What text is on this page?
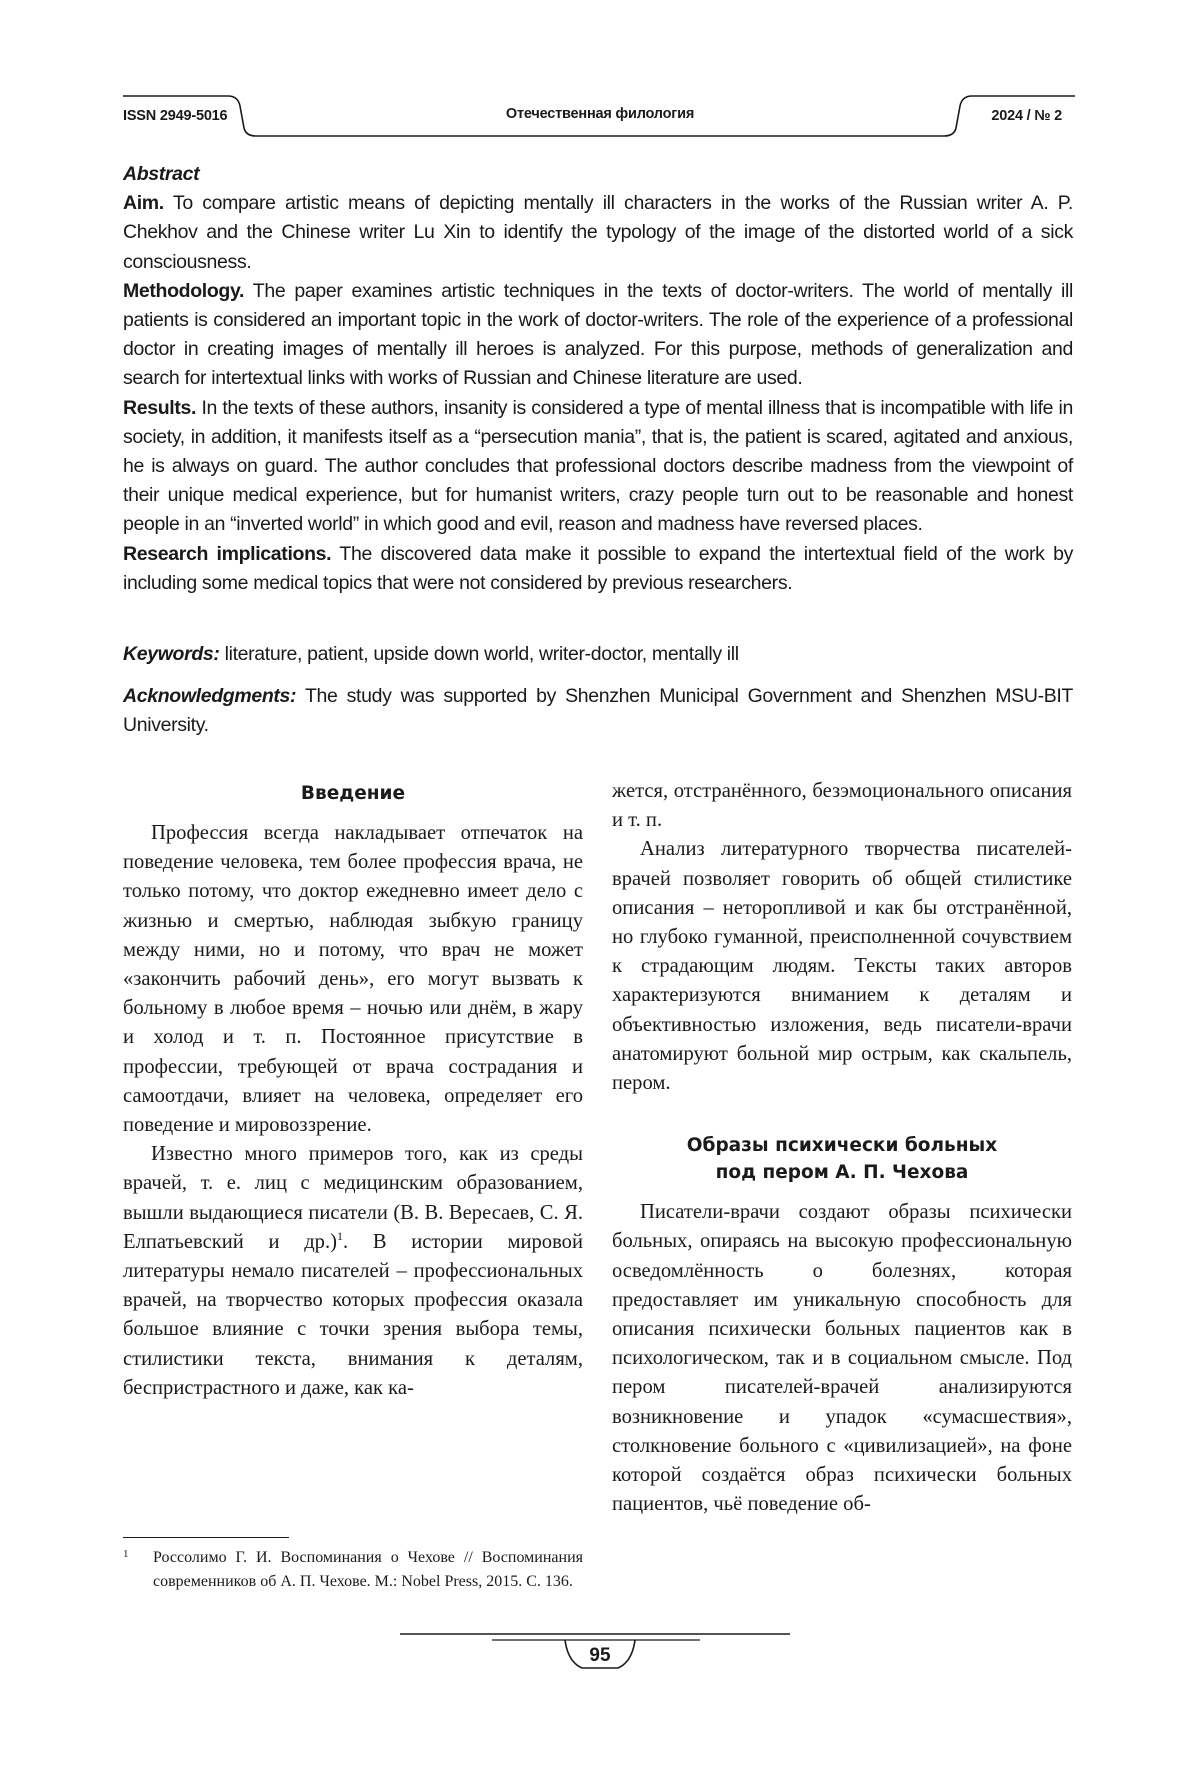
ISSN 2949-5016	Отечественная филология	2024 / № 2

Abstract

Aim. To compare artistic means of depicting mentally ill characters in the works of the Russian writer A. P. Chekhov and the Chinese writer Lu Xin to identify the typology of the image of the distorted world of a sick consciousness.

Methodology. The paper examines artistic techniques in the texts of doctor-writers. The world of mentally ill patients is considered an important topic in the work of doctor-writers. The role of the experience of a professional doctor in creating images of mentally ill heroes is analyzed. For this purpose, methods of generalization and search for intertextual links with works of Russian and Chinese literature are used.

Results. In the texts of these authors, insanity is considered a type of mental illness that is incompatible with life in society, in addition, it manifests itself as a “persecution mania”, that is, the patient is scared, agitated and anxious, he is always on guard. The author concludes that professional doctors describe madness from the viewpoint of their unique medical experience, but for humanist writers, crazy people turn out to be reasonable and honest people in an “inverted world” in which good and evil, reason and madness have reversed places.

Research implications. The discovered data make it possible to expand the intertextual field of the work by including some medical topics that were not considered by previous researchers.

Keywords: literature, patient, upside down world, writer-doctor, mentally ill

Acknowledgments: The study was supported by Shenzhen Municipal Government and Shenzhen MSU-BIT University.

Введение

Профессия всегда накладывает отпечаток на поведение человека, тем более профессия врача, не только потому, что доктор ежедневно имеет дело с жизнью и смертью, наблюдая зыбкую границу между ними, но и потому, что врач не может «закончить рабочий день», его могут вызвать к больному в любое время – ночью или днём, в жару и холод и т. п. Постоянное присутствие в профессии, требующей от врача сострадания и самоотдачи, влияет на человека, определяет его поведение и мировоззрение.

Известно много примеров того, как из среды врачей, т. е. лиц с медицинским образованием, вышли выдающиеся писатели (В. В. Вересаев, С. Я. Елпатьевский и др.)$^1$. В истории мировой литературы немало писателей – профессиональных врачей, на творчество которых профессия оказала большое влияние с точки зрения выбора темы, стилистики текста, внимания к деталям, беспристрастного и даже, как ка-

жется, отстранённого, безэмоционального описания и т. п.

Анализ литературного творчества писателей-врачей позволяет говорить об общей стилистике описания – неторопливой и как бы отстранённой, но глубоко гуманной, преисполненной сочувствием к страдающим людям. Тексты таких авторов характеризуются вниманием к деталям и объективностью изложения, ведь писатели-врачи анатомируют больной мир острым, как скальпель, пером.

Образы психически больных
под пером А. П. Чехова

Писатели-врачи создают образы психически больных, опираясь на высокую профессиональную осведомлённость о болезнях, которая предоставляет им уникальную способность для описания психически больных пациентов как в психологическом, так и в социальном смысле. Под пером писателей-врачей анализируются возникновение и упадок «сумасшествия», столкновение больного с «цивилизацией», на фоне которой создаётся образ психически больных пациентов, чьё поведение об-

1	Россолимо Г. И. Воспоминания о Чехове // Воспоминания современников об А. П. Чехове. М.: Nobel Press, 2015. С. 136.
95
